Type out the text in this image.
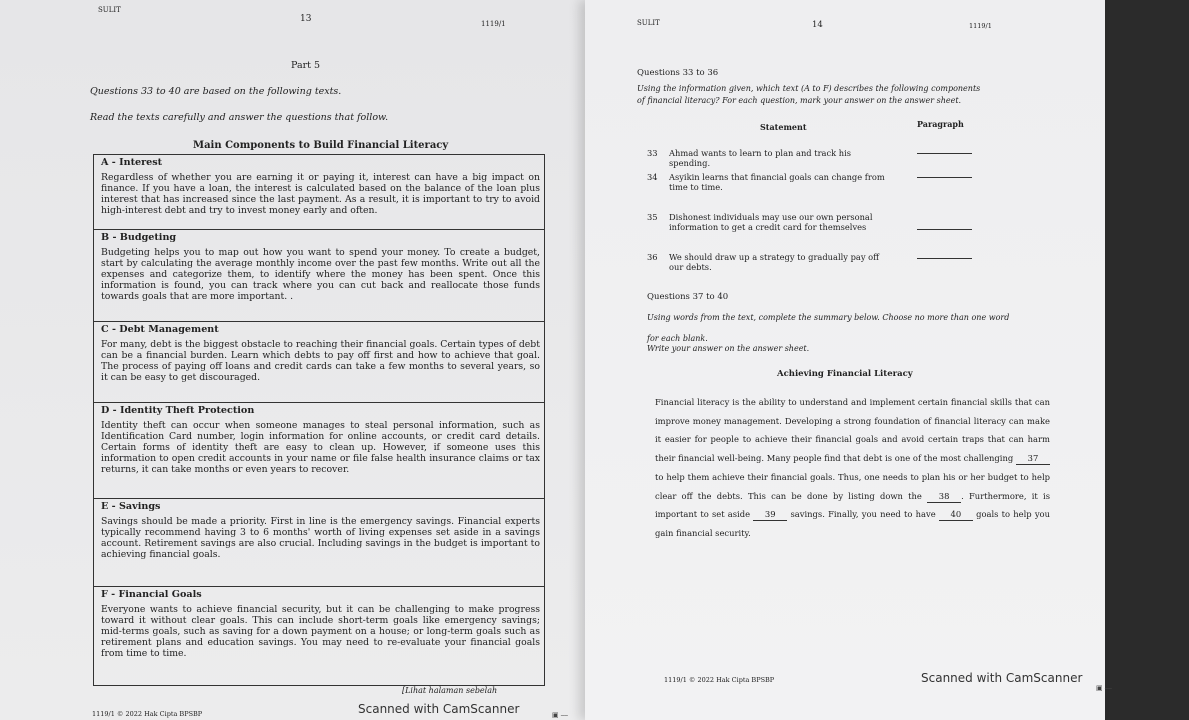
SULIT
13	1119/1
Part 5
Questions 33 to 40 are based on the following texts.
Read the texts carefully and answer the questions that follow.
Main Components to Build Financial Literacy
A - Interest
Regardless of whether you are earning it or paying it, interest can have a big impact on finance. If you have a loan, the interest is calculated based on the balance of the loan plus interest that has increased since the last payment. As a result, it is important to try to avoid high-interest debt and try to invest money early and often.
B - Budgeting
Budgeting helps you to map out how you want to spend your money. To create a budget, start by calculating the average monthly income over the past few months. Write out all the expenses and categorize them, to identify where the money has been spent. Once this information is found, you can track where you can cut back and reallocate those funds towards goals that are more important. .
C - Debt Management
For many, debt is the biggest obstacle to reaching their financial goals. Certain types of debt can be a financial burden. Learn which debts to pay off first and how to achieve that goal. The process of paying off loans and credit cards can take a few months to several years, so it can be easy to get discouraged.
D - Identity Theft Protection
Identity theft can occur when someone manages to steal personal information, such as Identification Card number, login information for online accounts, or credit card details. Certain forms of identity theft are easy to clean up. However, if someone uses this information to open credit accounts in your name or file false health insurance claims or tax returns, it can take months or even years to recover.
E - Savings
Savings should be made a priority. First in line is the emergency savings. Financial experts typically recommend having 3 to 6 months' worth of living expenses set aside in a savings account. Retirement savings are also crucial. Including savings in the budget is important to achieving financial goals.
F - Financial Goals
Everyone wants to achieve financial security, but it can be challenging to make progress toward it without clear goals. This can include short-term goals like emergency savings; mid-terms goals, such as saving for a down payment on a house; or long-term goals such as retirement plans and education savings. You may need to re-evaluate your financial goals from time to time.
[Lihat halaman sebelah
1119/1 © 2022 Hak Cipta BPSBP	Scanned with CamScanner	▣ ⎯⎯
SULIT	14	1119/1
Questions 33 to 36
Using the information given, which text (A to F) describes the following components of financial literacy? For each question, mark your answer on the answer sheet.
Statement	Paragraph
33 Ahmad wants to learn to plan and track his spending.
34 Asyikin learns that financial goals can change from time to time.
35 Dishonest individuals may use our own personal information to get a credit card for themselves
36 We should draw up a strategy to gradually pay off our debts.
Questions 37 to 40
Using words from the text, complete the summary below. Choose no more than one word
for each blank.
Write your answer on the answer sheet.
Achieving Financial Literacy
Financial literacy is the ability to understand and implement certain financial skills that can improve money management. Developing a strong foundation of financial literacy can make it easier for people to achieve their financial goals and avoid certain traps that can harm their financial well-being. Many people find that debt is one of the most challenging 37 to help them achieve their financial goals. Thus, one needs to plan his or her budget to help clear off the debts. This can be done by listing down the 38 . Furthermore, it is important to set aside 39 savings. Finally, you need to have 40 goals to help you gain financial security.
1119/1 © 2022 Hak Cipta BPSBP	Scanned with CamScanner
▣ ⎯⎯
